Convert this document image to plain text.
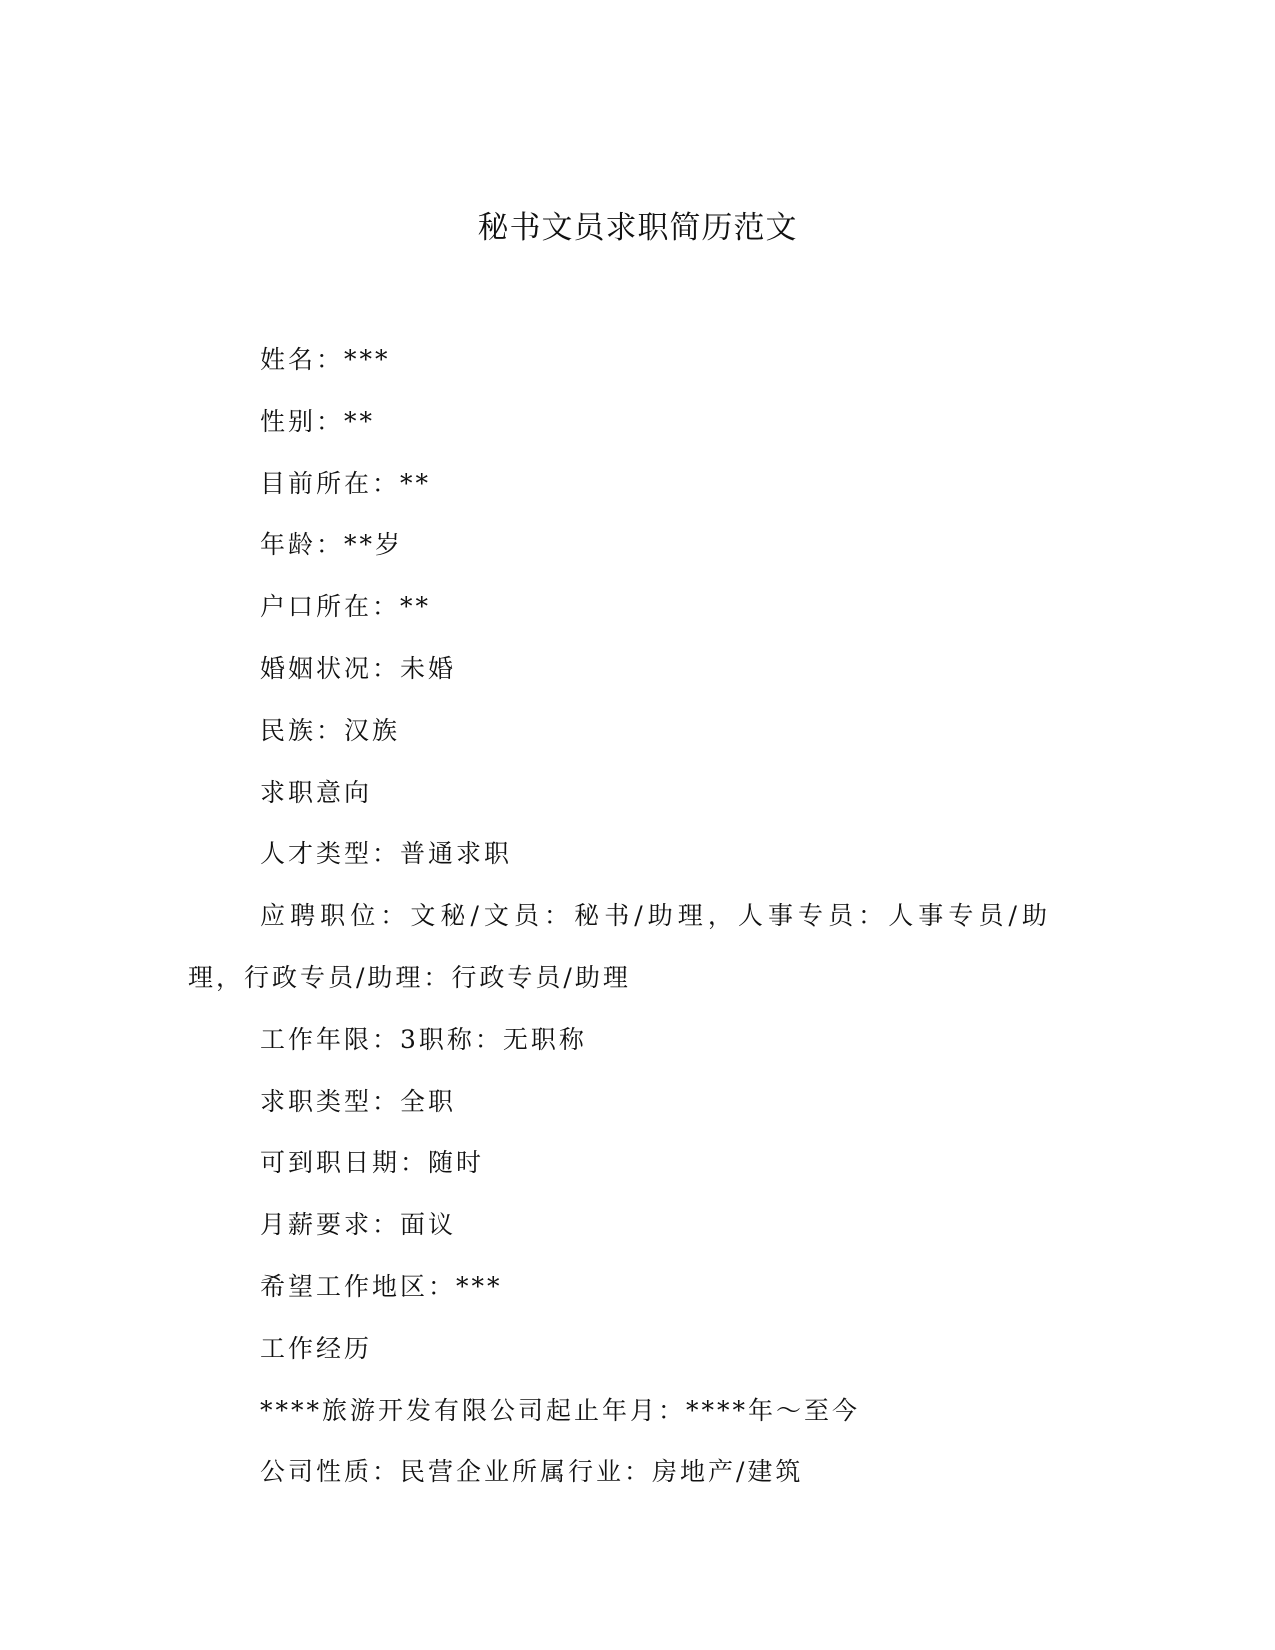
秘书文员求职简历范文

姓名：***

性别：**

目前所在：**

年龄：**岁

户口所在：**

婚姻状况：未婚

民族：汉族

求职意向

人才类型：普通求职

应聘职位：文秘/文员：秘书/助理，人事专员：人事专员/助理，行政专员/助理：行政专员/助理

工作年限：3职称：无职称

求职类型：全职

可到职日期：随时

月薪要求：面议

希望工作地区：***

工作经历

****旅游开发有限公司起止年月：****年～至今

公司性质：民营企业所属行业：房地产/建筑
